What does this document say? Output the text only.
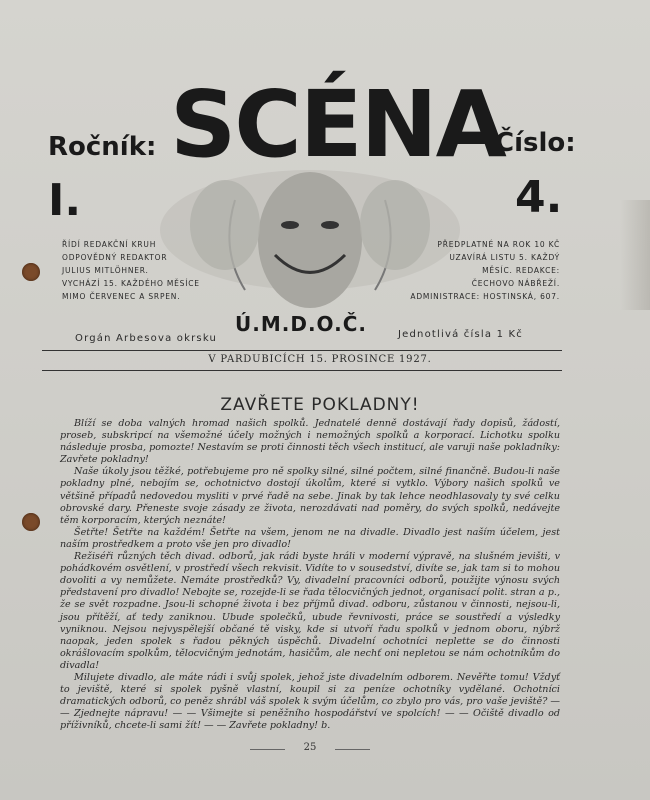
Ročník:
I.
Číslo:
4.
SCÉNA
ŘÍDÍ REDAKČNÍ KRUH
ODPOVĚDNÝ REDAKTOR
JULIUS MITLÖHNER.
VYCHÁZÍ 15. KAŽDÉHO MĚSÍCE
MIMO ČERVENEC A SRPEN.
PŘEDPLATNÉ NA ROK 10 KČ
UZAVÍRÁ LISTU 5. KAŽDÝ
MĚSÍC. REDAKCE:
ČECHOVO NÁBŘEŽÍ.
ADMINISTRACE: HOSTINSKÁ, 607.
Orgán Arbesova okrsku
Ú.M.D.O.Č.	Jednotlivá čísla 1 Kč
V PARDUBICÍCH 15. PROSINCE 1927.
ZAVŘETE POKLADNY!

Blíží se doba valných hromad našich spolků. Jednatelé denně dostávají řady dopisů, žádostí, proseb, subskripcí na všemožné účely možných i nemožných spolků a korporací. Lichotku spolku následuje prosba, pomozte! Nestavím se proti činnosti těch všech institucí, ale varuji naše pokladníky: Zavřete pokladny!

Naše úkoly jsou těžké, potřebujeme pro ně spolky silné, silné počtem, silné finančně. Budou-li naše pokladny plné, nebojím se, ochotnictvo dostojí úkolům, které si vytklo. Výbory našich spolků ve většině případů nedovedou mysliti v prvé řadě na sebe. Jinak by tak lehce neodhlasovaly ty své celku obrovské dary. Přeneste svoje zásady ze života, nerozdávati nad poměry, do svých spolků, nedávejte těm korporacím, kterých neznáte!

Šetřte! Šetřte na každém! Šetřte na všem, jenom ne na divadle. Divadlo jest naším účelem, jest naším prostředkem a proto vše jen pro divadlo!

Režiséři různých těch divad. odborů, jak rádi byste hráli v moderní výpravě, na slušném jevišti, v pohádkovém osvětlení, v prostředí všech rekvisit. Vidíte to v sousedství, divíte se, jak tam si to mohou dovoliti a vy nemůžete. Nemáte prostředků? Vy, divadelní pracovníci odborů, použijte výnosu svých představení pro divadlo! Nebojte se, rozejde-li se řada tělocvičných jednot, organisací polit. stran a p., že se svět rozpadne. Jsou-li schopné života i bez příjmů divad. odboru, zůstanou v činnosti, nejsou-li, jsou přítěží, ať tedy zaniknou. Ubude společků, ubude řevnivosti, práce se soustředí a výsledky vyniknou. Nejsou nejvyspělejší občané tě visky, kde si utvoří řadu spolků v jednom oboru, nýbrž naopak, jeden spolek s řadou pěkných úspěchů. Divadelní ochotníci neplette se do činnosti okrášlovacím spolkům, tělocvičným jednotám, hasičům, ale nechť oni nepletou se nám ochotníkům do divadla!

Milujete divadlo, ale máte rádi i svůj spolek, jehož jste divadelním odborem. Nevěřte tomu! Vždyť to jeviště, které si spolek pyšně vlastní, koupil si za peníze ochotníky vydělané. Ochotníci dramatických odborů, co peněz shrábl váš spolek k svým účelům, co zbylo pro vás, pro vaše jeviště? — — Zjednejte nápravu! — — Všimejte si peněžního hospodářství ve spolcích! — — Očiště divadlo od příživníků, chcete-li sami žít! — — Zavřete pokladny! b.

25
